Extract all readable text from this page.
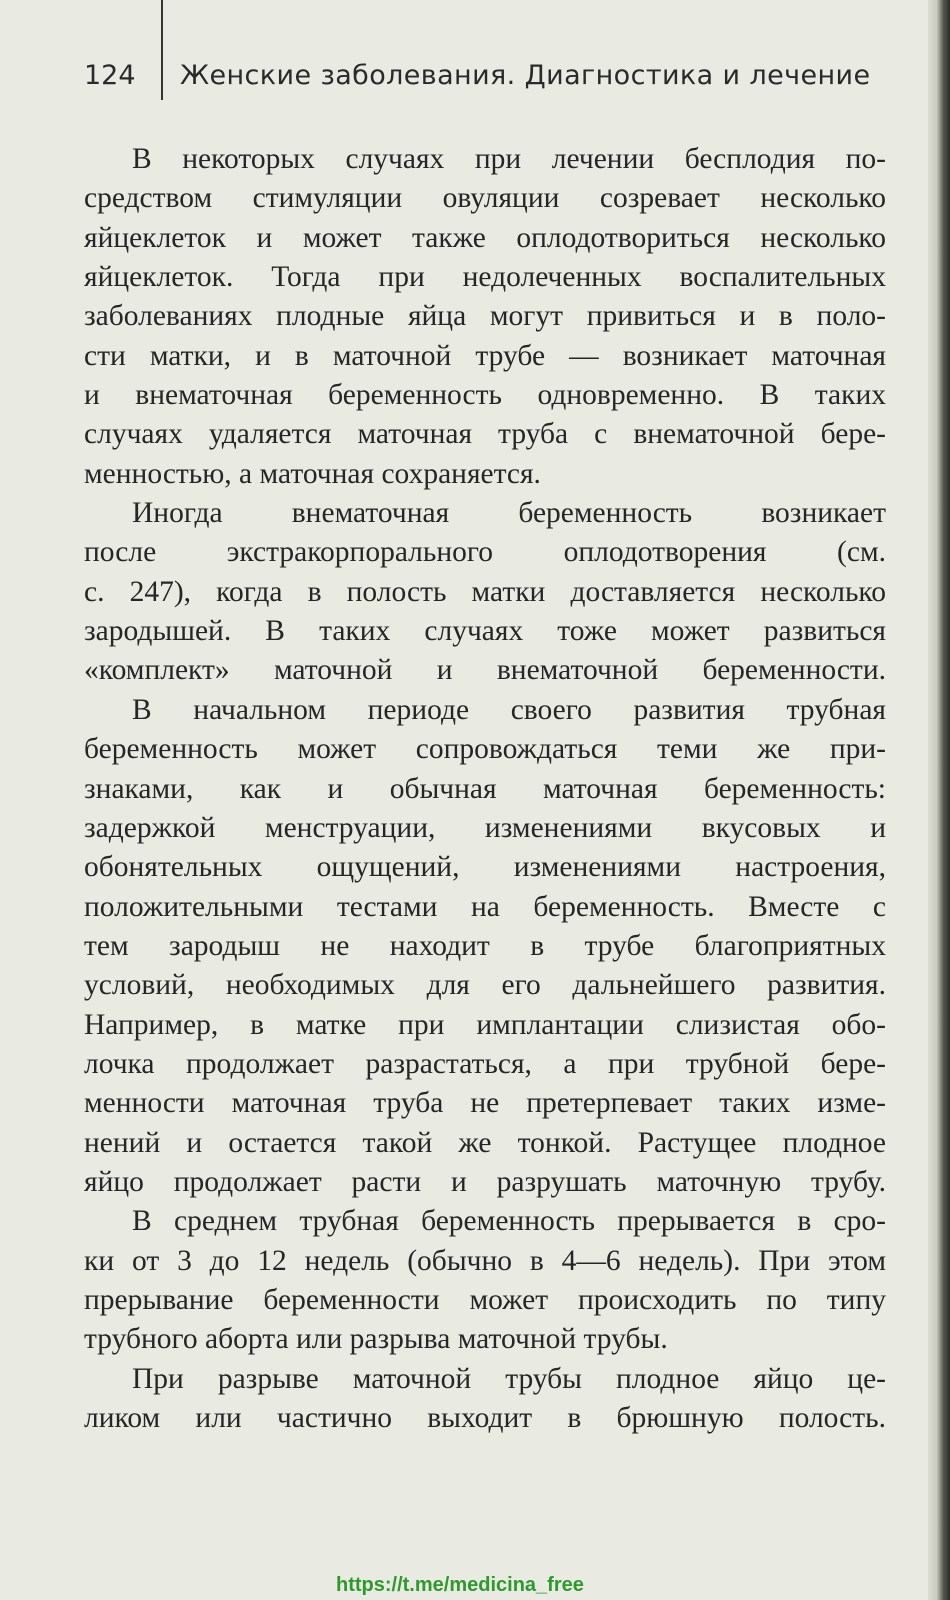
124 Женские заболевания. Диагностика и лечение
В некоторых случаях при лечении бесплодия по-
средством стимуляции овуляции созревает несколько
яйцеклеток и может также оплодотвориться несколько
яйцеклеток. Тогда при недолеченных воспалительных
заболеваниях плодные яйца могут привиться и в поло-
сти матки, и в маточной трубе — возникает маточная
и внематочная беременность одновременно. В таких
случаях удаляется маточная труба с внематочной бере-
менностью, а маточная сохраняется.
Иногда внематочная беременность возникает
после экстракорпорального оплодотворения (см.
с. 247), когда в полость матки доставляется несколько
зародышей. В таких случаях тоже может развиться
«комплект» маточной и внематочной беременности.
В начальном периоде своего развития трубная
беременность может сопровождаться теми же при-
знаками, как и обычная маточная беременность:
задержкой менструации, изменениями вкусовых и
обонятельных ощущений, изменениями настроения,
положительными тестами на беременность. Вместе с
тем зародыш не находит в трубе благоприятных
условий, необходимых для его дальнейшего развития.
Например, в матке при имплантации слизистая обо-
лочка продолжает разрастаться, а при трубной бере-
менности маточная труба не претерпевает таких изме-
нений и остается такой же тонкой. Растущее плодное
яйцо продолжает расти и разрушать маточную трубу.
В среднем трубная беременность прерывается в сро-
ки от 3 до 12 недель (обычно в 4—6 недель). При этом
прерывание беременности может происходить по типу
трубного аборта или разрыва маточной трубы.
При разрыве маточной трубы плодное яйцо це-
ликом или частично выходит в брюшную полость.
https://t.me/medicina_free
